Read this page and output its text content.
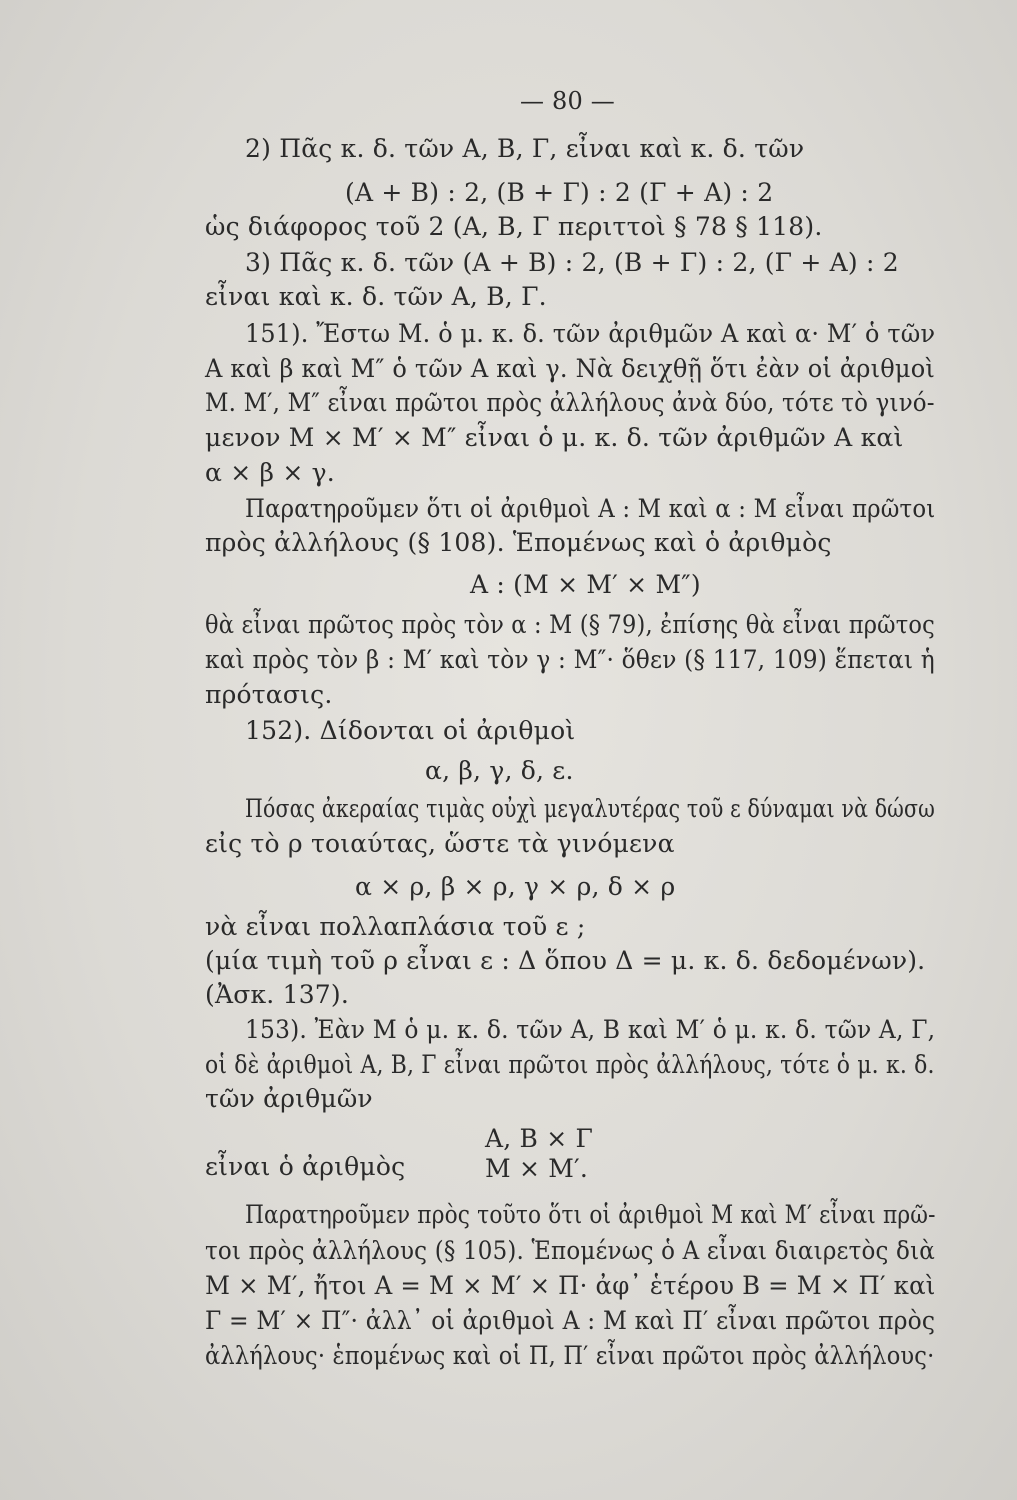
— 80 —
2) Πᾶς κ. δ. τῶν Α, Β, Γ, εἶναι καὶ κ. δ. τῶν
(Α + Β) : 2, (Β + Γ) : 2 (Γ + Α) : 2
ὡς διάφορος τοῦ 2 (Α, Β, Γ περιττοὶ § 78 § 118).
3) Πᾶς κ. δ. τῶν (Α + Β) : 2, (Β + Γ) : 2, (Γ + Α) : 2
εἶναι καὶ κ. δ. τῶν Α, Β, Γ.
151). Ἔστω Μ. ὁ μ. κ. δ. τῶν ἀριθμῶν Α καὶ α· Μ′ ὁ τῶν
Α καὶ β καὶ Μ″ ὁ τῶν Α καὶ γ. Νὰ δειχθῇ ὅτι ἐὰν οἱ ἀριθμοὶ
Μ. Μ′, Μ″ εἶναι πρῶτοι πρὸς ἀλλήλους ἀνὰ δύο, τότε τὸ γινό-
μενον Μ × Μ′ × Μ″ εἶναι ὁ μ. κ. δ. τῶν ἀριθμῶν Α καὶ
α × β × γ.
Παρατηροῦμεν ὅτι οἱ ἀριθμοὶ Α : Μ καὶ α : Μ εἶναι πρῶτοι
πρὸς ἀλλήλους (§ 108). Ἑπομένως καὶ ὁ ἀριθμὸς
Α : (Μ × Μ′ × Μ″)
θὰ εἶναι πρῶτος πρὸς τὸν α : Μ (§ 79), ἐπίσης θὰ εἶναι πρῶτος
καὶ πρὸς τὸν β : Μ′ καὶ τὸν γ : Μ″· ὅθεν (§ 117, 109) ἕπεται ἡ
πρότασις.
152). Δίδονται οἱ ἀριθμοὶ
α, β, γ, δ, ε.
Πόσας ἀκεραίας τιμὰς οὐχὶ μεγαλυτέρας τοῦ ε δύναμαι νὰ δώσω
εἰς τὸ ρ τοιαύτας, ὥστε τὰ γινόμενα
α × ρ, β × ρ, γ × ρ, δ × ρ
νὰ εἶναι πολλαπλάσια τοῦ ε ;
(μία τιμὴ τοῦ ρ εἶναι ε : Δ ὅπου Δ = μ. κ. δ. δεδομένων).
(Ἀσκ. 137).
153). Ἐὰν Μ ὁ μ. κ. δ. τῶν Α, Β καὶ Μ′ ὁ μ. κ. δ. τῶν Α, Γ,
οἱ δὲ ἀριθμοὶ Α, Β, Γ εἶναι πρῶτοι πρὸς ἀλλήλους, τότε ὁ μ. κ. δ.
τῶν ἀριθμῶν
Α, Β × Γ
εἶναι ὁ ἀριθμὸς	Μ × Μ′.
Παρατηροῦμεν πρὸς τοῦτο ὅτι οἱ ἀριθμοὶ Μ καὶ Μ′ εἶναι πρῶ-
τοι πρὸς ἀλλήλους (§ 105). Ἑπομένως ὁ Α εἶναι διαιρετὸς διὰ
Μ × Μ′, ἤτοι Α = Μ × Μ′ × Π· ἀφ᾽ ἑτέρου Β = Μ × Π′ καὶ
Γ = Μ′ × Π″· ἀλλ᾽ οἱ ἀριθμοὶ Α : Μ καὶ Π′ εἶναι πρῶτοι πρὸς
ἀλλήλους· ἑπομένως καὶ οἱ Π, Π′ εἶναι πρῶτοι πρὸς ἀλλήλους·
